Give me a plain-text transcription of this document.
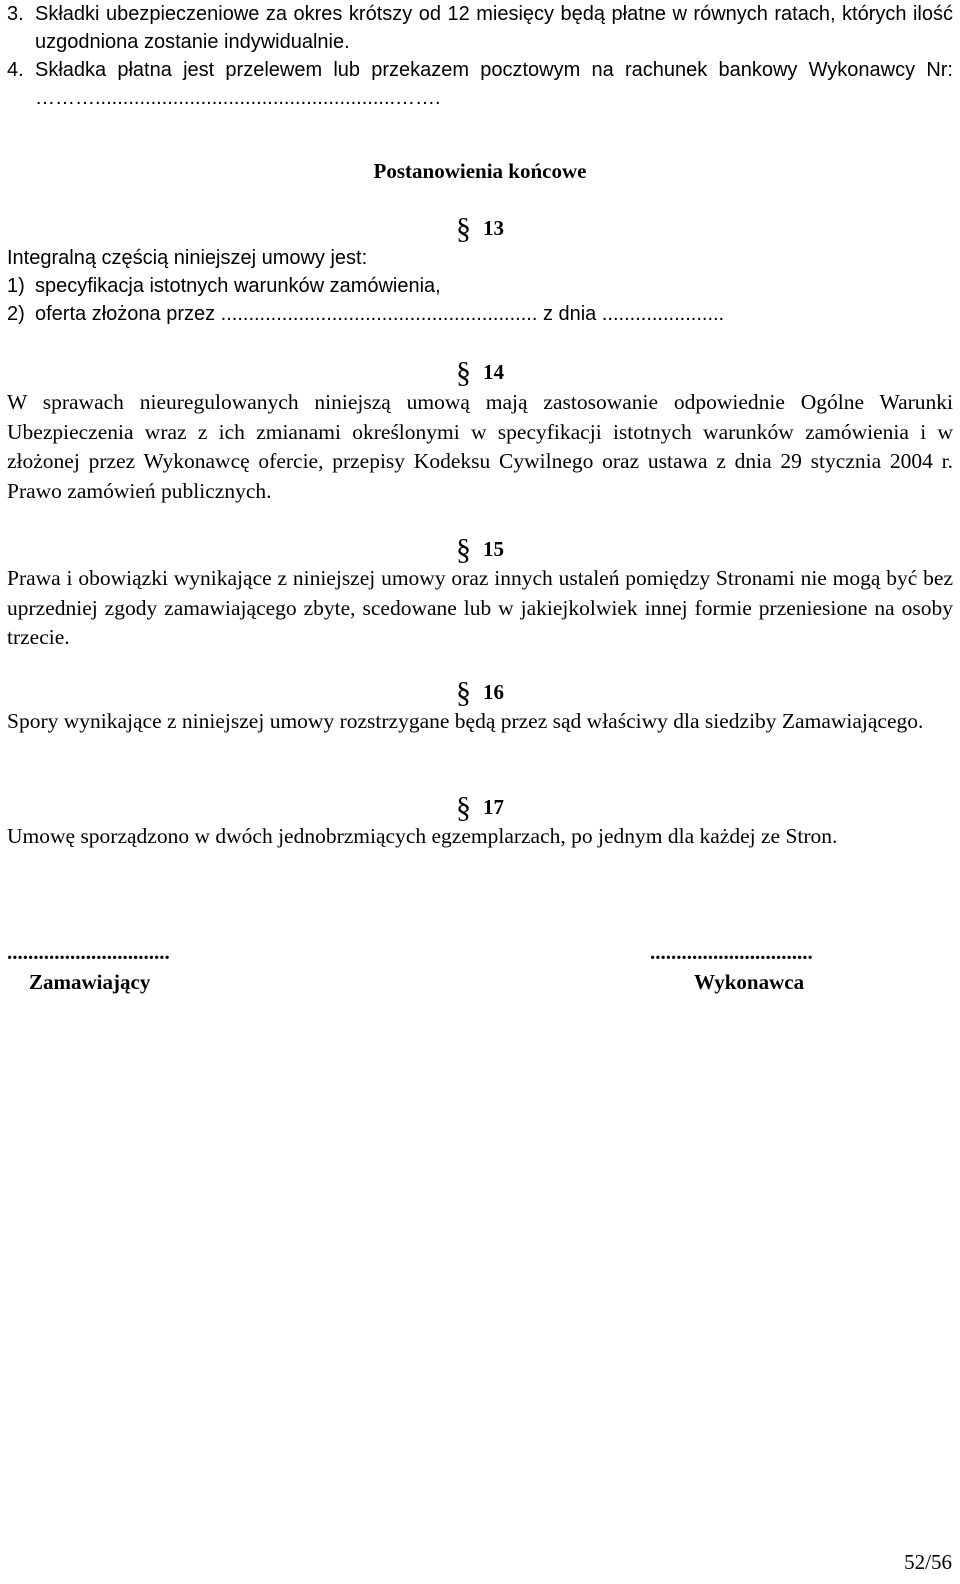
3. Składki ubezpieczeniowe za okres krótszy od 12 miesięcy będą płatne w równych ratach, których ilość uzgodniona zostanie indywidualnie.
4. Składka płatna jest przelewem lub przekazem pocztowym na rachunek bankowy Wykonawcy Nr: ………......................................................…….
Postanowienia końcowe
§ 13
Integralną częścią niniejszej umowy jest:
1) specyfikacja istotnych warunków zamówienia,
2) oferta złożona przez ......................................................... z dnia ......................
§ 14
W sprawach nieuregulowanych niniejszą umową mają zastosowanie odpowiednie Ogólne Warunki Ubezpieczenia wraz z ich zmianami określonymi w specyfikacji istotnych warunków zamówienia i w złożonej przez Wykonawcę ofercie, przepisy Kodeksu Cywilnego oraz ustawa z dnia 29 stycznia 2004 r. Prawo zamówień publicznych.
§ 15
Prawa i obowiązki wynikające z niniejszej umowy oraz innych ustaleń pomiędzy Stronami nie mogą być bez uprzedniej zgody zamawiającego zbyte, scedowane lub w jakiejkolwiek innej formie przeniesione na osoby trzecie.
§ 16
Spory wynikające z niniejszej umowy rozstrzygane będą przez sąd właściwy dla siedziby Zamawiającego.
§ 17
Umowę sporządzono w dwóch jednobrzmiących egzemplarzach, po jednym dla każdej ze Stron.
...............................
Zamawiający
...............................
Wykonawca
52/56
